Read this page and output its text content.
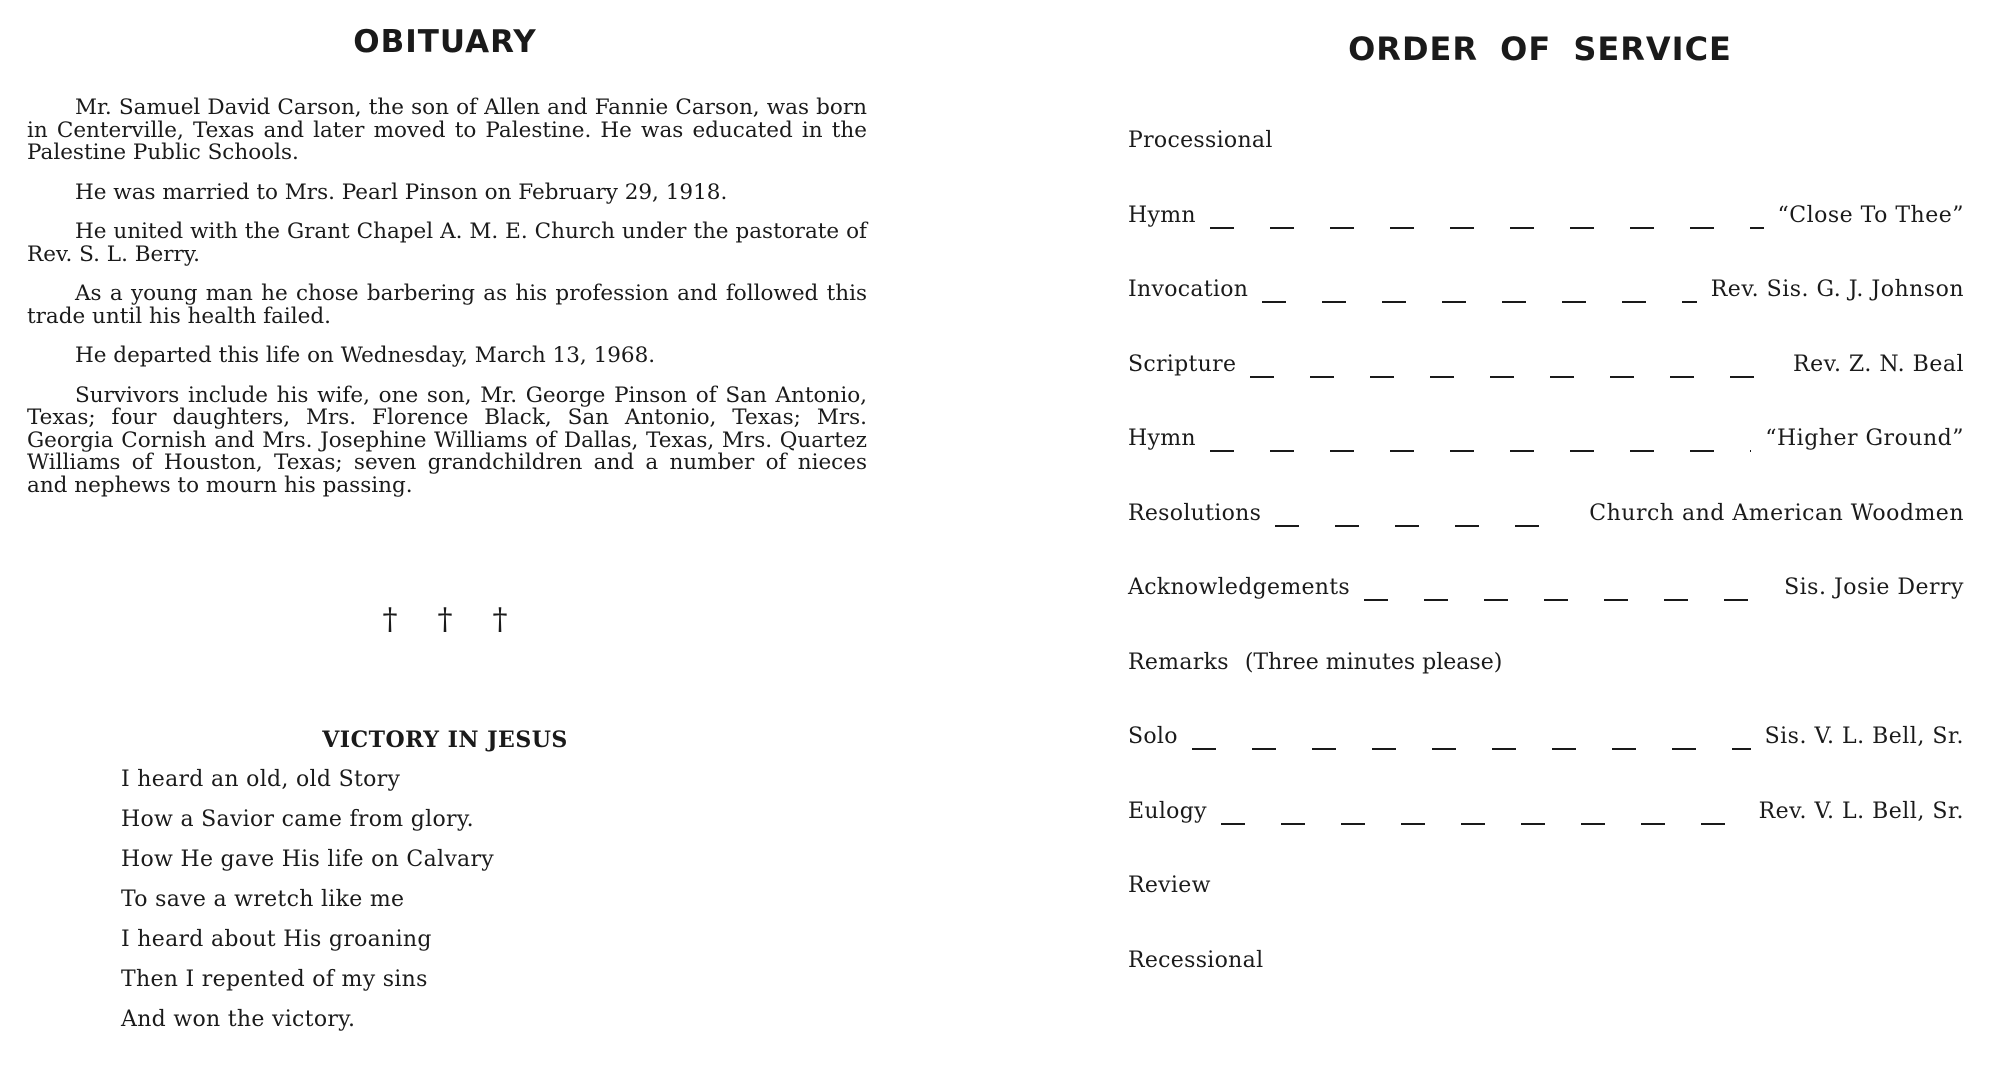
OBITUARY

Mr. Samuel David Carson, the son of Allen and Fannie Carson, was born in Centerville, Texas and later moved to Palestine. He was educated in the Palestine Public Schools.

He was married to Mrs. Pearl Pinson on February 29, 1918.

He united with the Grant Chapel A. M. E. Church under the pastorate of Rev. S. L. Berry.

As a young man he chose barbering as his profession and followed this trade until his health failed.

He departed this life on Wednesday, March 13, 1968.

Survivors include his wife, one son, Mr. George Pinson of San Antonio, Texas; four daughters, Mrs. Florence Black, San Antonio, Texas; Mrs. Georgia Cornish and Mrs. Josephine Williams of Dallas, Texas, Mrs. Quartez Williams of Houston, Texas; seven grandchildren and a number of nieces and nephews to mourn his passing.

†	†	†
VICTORY IN JESUS
I heard an old, old Story
How a Savior came from glory.
How He gave His life on Calvary
To save a wretch like me
I heard about His groaning
Then I repented of my sins
And won the victory.
ORDER OF SERVICE
Processional
Hymn	“Close To Thee”
Invocation	Rev. Sis. G. J. Johnson
Scripture	Rev. Z. N. Beal
Hymn	“Higher Ground”
Resolutions	Church and American Woodmen
Acknowledgements	Sis. Josie Derry
Remarks (Three minutes please)
Solo	Sis. V. L. Bell, Sr.
Eulogy	Rev. V. L. Bell, Sr.
Review
Recessional
